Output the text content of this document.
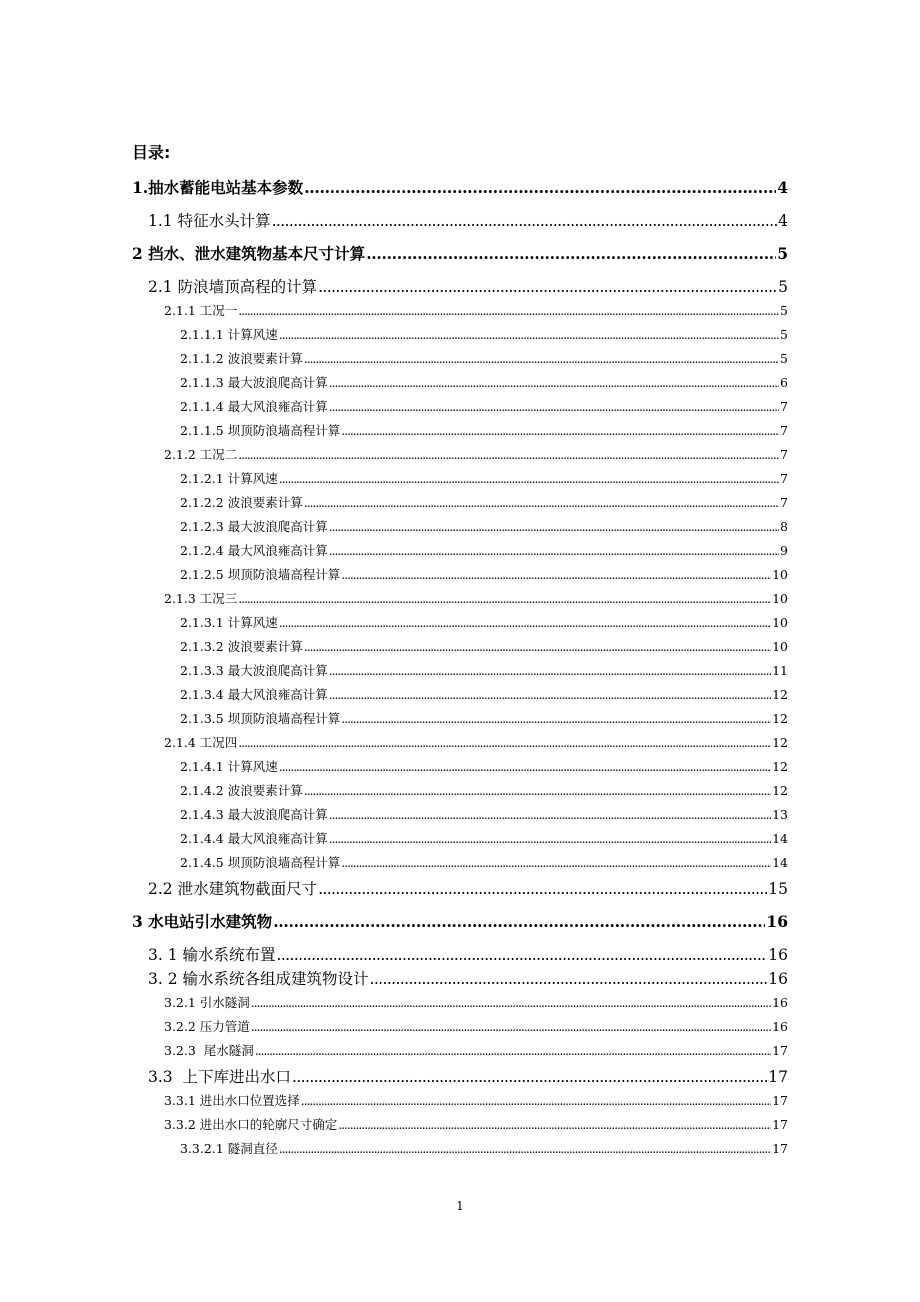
目录:
1.抽水蓄能电站基本参数 .....	4
1.1 特征水头计算 .....	4
2 挡水、泄水建筑物基本尺寸计算 .....	5
2.1 防浪墙顶高程的计算 .....	5
2.1.1 工况一 .....	5
2.1.1.1 计算风速 .....	5
2.1.1.2 波浪要素计算 .....	5
2.1.1.3 最大波浪爬高计算 .....	6
2.1.1.4 最大风浪雍高计算 .....	7
2.1.1.5 坝顶防浪墙高程计算 .....	7
2.1.2 工况二 .....	7
2.1.2.1 计算风速 .....	7
2.1.2.2 波浪要素计算 .....	7
2.1.2.3 最大波浪爬高计算 .....	8
2.1.2.4 最大风浪雍高计算 .....	9
2.1.2.5 坝顶防浪墙高程计算 .....	10
2.1.3 工况三 .....	10
2.1.3.1 计算风速 .....	10
2.1.3.2 波浪要素计算 .....	10
2.1.3.3 最大波浪爬高计算 .....	11
2.1.3.4 最大风浪雍高计算 .....	12
2.1.3.5 坝顶防浪墙高程计算 .....	12
2.1.4 工况四 .....	12
2.1.4.1 计算风速 .....	12
2.1.4.2 波浪要素计算 .....	12
2.1.4.3 最大波浪爬高计算 .....	13
2.1.4.4 最大风浪雍高计算 .....	14
2.1.4.5 坝顶防浪墙高程计算 .....	14
2.2 泄水建筑物截面尺寸 .....	15
3 水电站引水建筑物 .....	16
3. 1 输水系统布置 .....	16
3. 2 输水系统各组成建筑物设计 .....	16
3.2.1 引水隧洞 .....	16
3.2.2 压力管道 .....	16
3.2.3  尾水隧洞 .....	17
3.3  上下库进出水口 .....	17
3.3.1 进出水口位置选择 .....	17
3.3.2 进出水口的轮廓尺寸确定 .....	17
3.3.2.1 隧洞直径 .....	17
1
